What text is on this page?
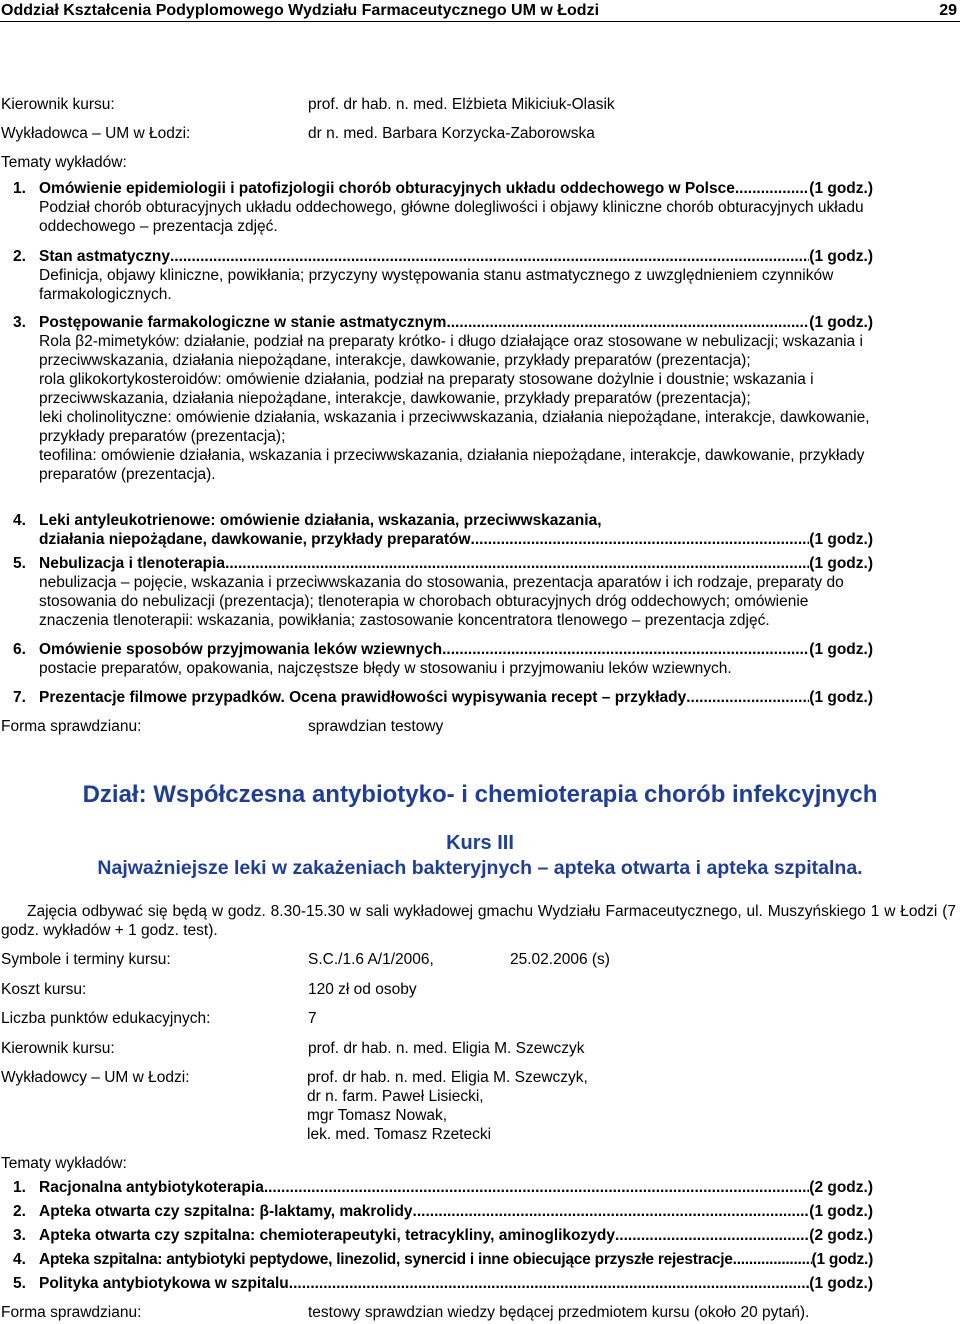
Oddział Kształcenia Podyplomowego Wydziału Farmaceutycznego UM w Łodzi	29
Kierownik kursu:	prof. dr hab. n. med. Elżbieta Mikiciuk-Olasik
Wykładowca – UM w Łodzi:	dr n. med. Barbara Korzycka-Zaborowska
Tematy wykładów:
1. Omówienie epidemiologii i patofizjologii chorób obturacyjnych układu oddechowego w Polsce .....	(1 godz.)

Podział chorób obturacyjnych układu oddechowego, główne dolegliwości i objawy kliniczne chorób obturacyjnych układu oddechowego – prezentacja zdjęć.

2. Stan astmatyczny .....	(1 godz.)

Definicja, objawy kliniczne, powikłania; przyczyny występowania stanu astmatycznego z uwzględnieniem czynników farmakologicznych.

3. Postępowanie farmakologiczne w stanie astmatycznym .....	(1 godz.)

Rola β2-mimetyków: działanie, podział na preparaty krótko- i długo działające oraz stosowane w nebulizacji; wskazania i przeciwwskazania, działania niepożądane, interakcje, dawkowanie, przykłady preparatów (prezentacja);

rola glikokortykosteroidów: omówienie działania, podział na preparaty stosowane dożylnie i doustnie; wskazania i przeciwwskazania, działania niepożądane, interakcje, dawkowanie, przykłady preparatów (prezentacja);

leki cholinolityczne: omówienie działania, wskazania i przeciwwskazania, działania niepożądane, interakcje, dawkowanie, przykłady preparatów (prezentacja);

teofilina: omówienie działania, wskazania i przeciwwskazania, działania niepożądane, interakcje, dawkowanie, przykłady preparatów (prezentacja).

4. Leki antyleukotrienowe: omówienie działania, wskazania, przeciwwskazania,
działania niepożądane, dawkowanie, przykłady preparatów .....	(1 godz.)
5. Nebulizacja i tlenoterapia .....	(1 godz.)

nebulizacja – pojęcie, wskazania i przeciwwskazania do stosowania, prezentacja aparatów i ich rodzaje, preparaty do stosowania do nebulizacji (prezentacja); tlenoterapia w chorobach obturacyjnych dróg oddechowych; omówienie znaczenia tlenoterapii: wskazania, powikłania; zastosowanie koncentratora tlenowego – prezentacja zdjęć.

6. Omówienie sposobów przyjmowania leków wziewnych .....	(1 godz.)

postacie preparatów, opakowania, najczęstsze błędy w stosowaniu i przyjmowaniu leków wziewnych.

7. Prezentacje filmowe przypadków. Ocena prawidłowości wypisywania recept – przykłady .....	(1 godz.)
Forma sprawdzianu:	sprawdzian testowy
Dział: Współczesna antybiotyko- i chemioterapia chorób infekcyjnych
Kurs III
Najważniejsze leki w zakażeniach bakteryjnych – apteka otwarta i apteka szpitalna.
Zajęcia odbywać się będą w godz. 8.30-15.30 w sali wykładowej gmachu Wydziału Farmaceutycznego, ul. Muszyńskiego 1 w Łodzi (7 godz. wykładów + 1 godz. test).
Symbole i terminy kursu:	S.C./1.6 A/1/2006,	25.02.2006 (s)
Koszt kursu:	120 zł od osoby
Liczba punktów edukacyjnych:	7
Kierownik kursu:	prof. dr hab. n. med. Eligia M. Szewczyk
Wykładowcy – UM w Łodzi:	prof. dr hab. n. med. Eligia M. Szewczyk,
dr n. farm. Paweł Lisiecki,
mgr Tomasz Nowak,
lek. med. Tomasz Rzetecki
Tematy wykładów:
1. Racjonalna antybiotykoterapia .....	(2 godz.)
2. Apteka otwarta czy szpitalna: β-laktamy, makrolidy .....	(1 godz.)
3. Apteka otwarta czy szpitalna: chemioterapeutyki, tetracykliny, aminoglikozydy .....	(2 godz.)
4. Apteka szpitalna: antybiotyki peptydowe, linezolid, synercid i inne obiecujące przyszłe rejestracje .....	(1 godz.)
5. Polityka antybiotykowa w szpitalu .....	(1 godz.)
Forma sprawdzianu:	testowy sprawdzian wiedzy będącej przedmiotem kursu (około 20 pytań).
